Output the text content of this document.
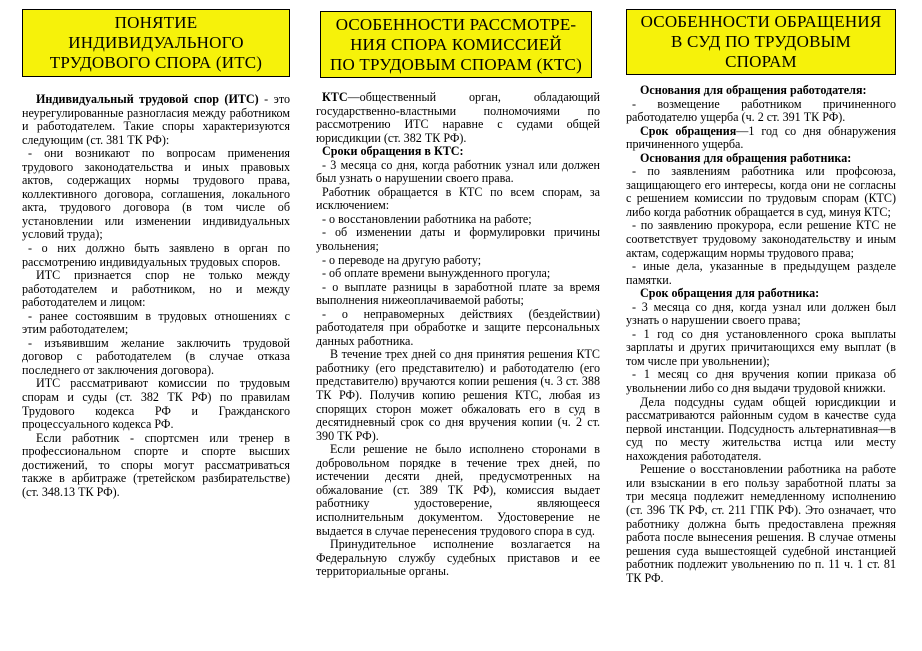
ПОНЯТИЕ
ИНДИВИДУАЛЬНОГО
ТРУДОВОГО СПОРА (ИТС)

Индивидуальный трудовой спор (ИТС) - это неурегулированные разногласия между работником и работодателем. Такие споры характеризуются следующим (ст. 381 ТК РФ):

- они возникают по вопросам применения трудового законодательства и иных правовых актов, содержащих нормы трудового права, коллективного договора, соглашения, локального акта, трудового договора (в том числе об установлении или изменении индивидуальных условий труда);

- о них должно быть заявлено в орган по рассмотрению индивидуальных трудовых споров.

ИТС признается спор не только между работодателем и работником, но и между работодателем и лицом:

- ранее состоявшим в трудовых отношениях с этим работодателем;

- изъявившим желание заключить трудовой договор с работодателем (в случае отказа последнего от заключения договора).

ИТС рассматривают комиссии по трудовым спорам и суды (ст. 382 ТК РФ) по правилам Трудового кодекса РФ и Гражданского процессуального кодекса РФ.

Если работник - спортсмен или тренер в профессиональном спорте и спорте высших достижений, то споры могут рассматриваться также в арбитраже (третейском разбирательстве) (ст. 348.13 ТК РФ).

ОСОБЕННОСТИ РАССМОТРЕ-
НИЯ СПОРА КОМИССИЕЙ
ПО ТРУДОВЫМ СПОРАМ (КТС)

КТС—общественный орган, обладающий государственно-властными полномочиями по рассмотрению ИТС наравне с судами общей юрисдикции (ст. 382 ТК РФ).

Сроки обращения в КТС:

- 3 месяца со дня, когда работник узнал или должен был узнать о нарушении своего права.

Работник обращается в КТС по всем спорам, за исключением:

- о восстановлении работника на работе;

- об изменении даты и формулировки причины увольнения;

- о переводе на другую работу;

- об оплате времени вынужденного прогула;

- о выплате разницы в заработной плате за время выполнения нижеоплачиваемой работы;

- о неправомерных действиях (бездействии) работодателя при обработке и защите персональных данных работника.

В течение трех дней со дня принятия решения КТС работнику (его представителю) и работодателю (его представителю) вручаются копии решения (ч. 3 ст. 388 ТК РФ). Получив копию решения КТС, любая из спорящих сторон может обжаловать его в суд в десятидневный срок со дня вручения копии (ч. 2 ст. 390 ТК РФ).

Если решение не было исполнено сторонами в добровольном порядке в течение трех дней, по истечении десяти дней, предусмотренных на обжалование (ст. 389 ТК РФ), комиссия выдает работнику удостоверение, являющееся исполнительным документом. Удостоверение не выдается в случае перенесения трудового спора в суд.

Принудительное исполнение возлагается на Федеральную службу судебных приставов и ее территориальные органы.

ОСОБЕННОСТИ ОБРАЩЕНИЯ
В СУД ПО ТРУДОВЫМ
СПОРАМ

Основания для обращения работодателя:

- возмещение работником причиненного работодателю ущерба (ч. 2 ст. 391 ТК РФ).

Срок обращения—1 год со дня обнаружения причиненного ущерба.

Основания для обращения работника:

- по заявлениям работника или профсоюза, защищающего его интересы, когда они не согласны с решением комиссии по трудовым спорам (КТС) либо когда работник обращается в суд, минуя КТС;

- по заявлению прокурора, если решение КТС не соответствует трудовому законодательству и иным актам, содержащим нормы трудового права;

- иные дела, указанные в предыдущем разделе памятки.

Срок обращения для работника:

- 3 месяца со дня, когда узнал или должен был узнать о нарушении своего права;

- 1 год со дня установленного срока выплаты зарплаты и других причитающихся ему выплат (в том числе при увольнении);

- 1 месяц со дня вручения копии приказа об увольнении либо со дня выдачи трудовой книжки.

Дела подсудны судам общей юрисдикции и рассматриваются районным судом в качестве суда первой инстанции. Подсудность альтернативная—в суд по месту жительства истца или месту нахождения работодателя.

Решение о восстановлении работника на работе или взыскании в его пользу заработной платы за три месяца подлежит немедленному исполнению (ст. 396 ТК РФ, ст. 211 ГПК РФ). Это означает, что работнику должна быть предоставлена прежняя работа после вынесения решения. В случае отмены решения суда вышестоящей судебной инстанцией работник подлежит увольнению по п. 11 ч. 1 ст. 81 ТК РФ.
